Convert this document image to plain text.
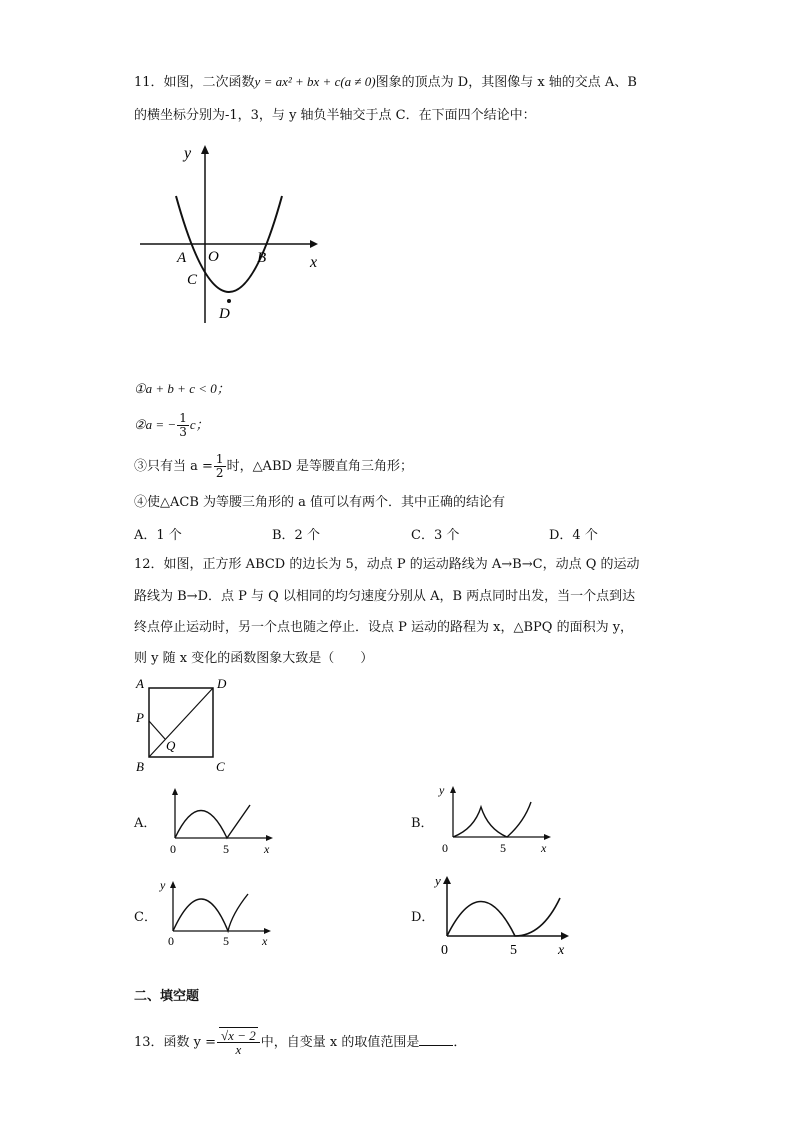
11．如图，二次函数y = ax² + bx + c(a ≠ 0)图象的顶点为 D，其图像与 x 轴的交点 A、B
的横坐标分别为-1，3，与 y 轴负半轴交于点 C．在下面四个结论中：
y
x
A O	B
C
D
①a + b + c < 0；
②a = − $\frac{1}{3}$ c；
③只有当 $a = \frac{1}{2}$ 时，△ABD 是等腰直角三角形；
④使△ACB 为等腰三角形的 a 值可以有两个．其中正确的结论有
A．1 个	B．2 个	C．3 个	D．4 个
12．如图，正方形 ABCD 的边长为 5，动点 P 的运动路线为 A→B→C，动点 Q 的运动
路线为 B→D．点 P 与 Q 以相同的均匀速度分别从 A，B 两点同时出发，当一个点到达
终点停止运动时，另一个点也随之停止．设点 P 运动的路程为 x，△BPQ 的面积为 y，
则 y 随 x 变化的函数图象大致是（　　）
A	D
P
Q
B	C
A．
0	5	x
B．
y
0	5	x
C．
y
0	5	x
D．
y
0	5	x
二、填空题
13．函数 $y = \frac{√x - 2}{x}$ 中，自变量 x 的取值范围是	．
